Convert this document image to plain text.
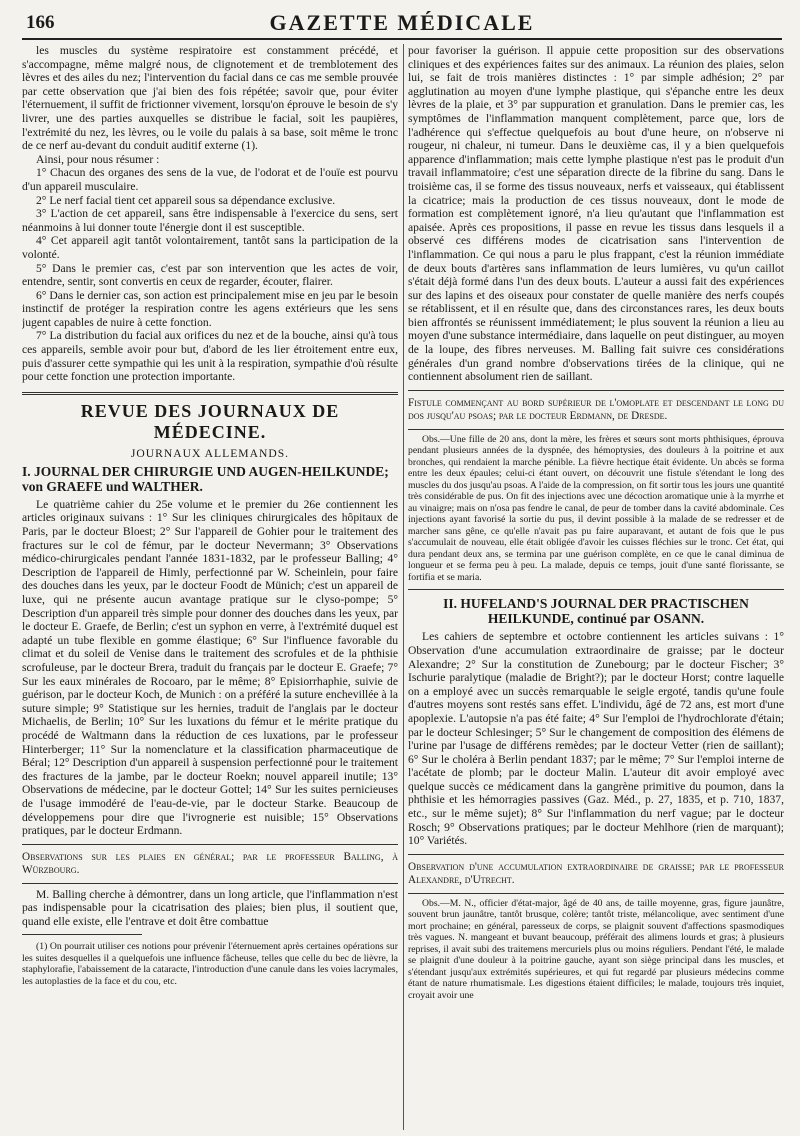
166	GAZETTE MÉDICALE

les muscles du système respiratoire est constamment précédé, et s'accompagne, même malgré nous, de clignotement et de tremblotement des lèvres et des ailes du nez; l'intervention du facial dans ce cas me semble prouvée par cette observation que j'ai bien des fois répétée; savoir que, pour éviter l'éternuement, il suffit de frictionner vivement, lorsqu'on éprouve le besoin de s'y livrer, une des parties auxquelles se distribue le facial, soit les paupières, l'extrémité du nez, les lèvres, ou le voile du palais à sa base, soit même le tronc de ce nerf au-devant du conduit auditif externe (1).

Ainsi, pour nous résumer :

1° Chacun des organes des sens de la vue, de l'odorat et de l'ouïe est pourvu d'un appareil musculaire.

2° Le nerf facial tient cet appareil sous sa dépendance exclusive.

3° L'action de cet appareil, sans être indispensable à l'exercice du sens, sert néanmoins à lui donner toute l'énergie dont il est susceptible.

4° Cet appareil agit tantôt volontairement, tantôt sans la participation de la volonté.

5° Dans le premier cas, c'est par son intervention que les actes de voir, entendre, sentir, sont convertis en ceux de regarder, écouter, flairer.

6° Dans le dernier cas, son action est principalement mise en jeu par le besoin instinctif de protéger la respiration contre les agens extérieurs que les sens jugent capables de nuire à cette fonction.

7° La distribution du facial aux orifices du nez et de la bouche, ainsi qu'à tous ces appareils, semble avoir pour but, d'abord de les lier étroitement entre eux, puis d'assurer cette sympathie qui les unit à la respiration, sympathie d'où résulte pour cette fonction une protection importante.

REVUE DES JOURNAUX DE MÉDECINE.
JOURNAUX ALLEMANDS.
I. JOURNAL DER CHIRURGIE UND AUGEN-HEILKUNDE; von GRAEFE und WALTHER.

Le quatrième cahier du 25e volume et le premier du 26e contiennent les articles originaux suivans : 1° Sur les cliniques chirurgicales des hôpitaux de Paris, par le docteur Bloest; 2° Sur l'appareil de Gohier pour le traitement des fractures sur le col de fémur, par le docteur Nevermann; 3° Observations médico-chirurgicales pendant l'année 1831-1832, par le professeur Balling; 4° Description de l'appareil de Himly, perfectionné par W. Scheinlein, pour faire des douches dans les yeux, par le docteur Foodt de Münich; c'est un appareil de luxe, qui ne présente aucun avantage pratique sur le clyso-pompe; 5° Description d'un appareil très simple pour donner des douches dans les yeux, par le docteur E. Graefe, de Berlin; c'est un syphon en verre, à l'extrémité duquel est adapté un tube flexible en gomme élastique; 6° Sur l'influence favorable du climat et du soleil de Venise dans le traitement des scrofules et de la phthisie scrofuleuse, par le docteur Brera, traduit du français par le docteur E. Graefe; 7° Sur les eaux minérales de Rocoaro, par le même; 8° Episiorrhaphie, suivie de guérison, par le docteur Koch, de Munich : on a préféré la suture enchevillée à la suture simple; 9° Statistique sur les hernies, traduit de l'anglais par le docteur Michaelis, de Berlin; 10° Sur les luxations du fémur et le mérite pratique du procédé de Waltmann dans la réduction de ces luxations, par le professeur Hinterberger; 11° Sur la nomenclature et la classification pharmaceutique de Béral; 12° Description d'un appareil à suspension perfectionné pour le traitement des fractures de la jambe, par le docteur Roekn; nouvel appareil inutile; 13° Observations de médecine, par le docteur Gottel; 14° Sur les suites pernicieuses de l'usage immodéré de l'eau-de-vie, par le docteur Starke. Beaucoup de développemens pour dire que l'ivrognerie est nuisible; 15° Observations pratiques, par le docteur Erdmann.

Observations sur les plaies en général; par le professeur Balling, à Würzbourg.

M. Balling cherche à démontrer, dans un long article, que l'inflammation n'est pas indispensable pour la cicatrisation des plaies; bien plus, il soutient que, quand elle existe, elle l'entrave et doit être combattue

(1) On pourrait utiliser ces notions pour prévenir l'éternuement après certaines opérations sur les suites desquelles il a quelquefois une influence fâcheuse, telles que celle du bec de lièvre, la staphylorafie, l'abaissement de la cataracte, l'introduction d'une canule dans les voies lacrymales, les autoplasties de la face et du cou, etc.

pour favoriser la guérison. Il appuie cette proposition sur des observations cliniques et des expériences faites sur des animaux. La réunion des plaies, selon lui, se fait de trois manières distinctes : 1° par simple adhésion; 2° par agglutination au moyen d'une lymphe plastique, qui s'épanche entre les deux lèvres de la plaie, et 3° par suppuration et granulation. Dans le premier cas, les symptômes de l'inflammation manquent complètement, parce que, lors de l'adhérence qui s'effectue quelquefois au bout d'une heure, on n'observe ni rougeur, ni chaleur, ni tumeur. Dans le deuxième cas, il y a bien quelquefois apparence d'inflammation; mais cette lymphe plastique n'est pas le produit d'un travail inflammatoire; c'est une séparation directe de la fibrine du sang. Dans le troisième cas, il se forme des tissus nouveaux, nerfs et vaisseaux, qui établissent la cicatrice; mais la production de ces tissus nouveaux, dont le mode de formation est complètement ignoré, n'a lieu qu'autant que l'inflammation est apaisée. Après ces propositions, il passe en revue les tissus dans lesquels il a observé ces différens modes de cicatrisation sans l'intervention de l'inflammation. Ce qui nous a paru le plus frappant, c'est la réunion immédiate de deux bouts d'artères sans inflammation de leurs lumières, vu qu'un caillot s'était déjà formé dans l'un des deux bouts. L'auteur a aussi fait des expériences sur des lapins et des oiseaux pour constater de quelle manière des nerfs coupés se rétablissent, et il en résulte que, dans des circonstances rares, les deux bouts bien affrontés se réunissent immédiatement; le plus souvent la réunion a lieu au moyen d'une substance intermédiaire, dans laquelle on peut distinguer, au moyen de la loupe, des fibres nerveuses. M. Balling fait suivre ces considérations générales d'un grand nombre d'observations tirées de la clinique, qui ne contiennent absolument rien de saillant.

Fistule commençant au bord supérieur de l'omoplate et descendant le long du dos jusqu'au psoas; par le docteur Erdmann, de Dresde.

Obs.—Une fille de 20 ans, dont la mère, les frères et sœurs sont morts phthisiques, éprouva pendant plusieurs années de la dyspnée, des hémoptysies, des douleurs à la poitrine et aux bronches, qui rendaient la marche pénible. La fièvre hectique était évidente. Un abcès se forma entre les deux épaules; celui-ci étant ouvert, on découvrit une fistule s'étendant le long des muscles du dos jusqu'au psoas. A l'aide de la compression, on fit sortir tous les jours une quantité très considérable de pus. On fit des injections avec une décoction aromatique unie à la myrrhe et au vinaigre; mais on n'osa pas fendre le canal, de peur de tomber dans la cavité abdominale. Ces injections ayant favorisé la sortie du pus, il devint possible à la malade de se redresser et de marcher sans gêne, ce qu'elle n'avait pas pu faire auparavant, et autant de fois que le pus s'accumulait de nouveau, elle était obligée d'avoir les cuisses fléchies sur le tronc. Cet état, qui dura pendant deux ans, se termina par une guérison complète, en ce que le canal diminua de longueur et se ferma peu à peu. La malade, depuis ce temps, jouit d'une santé florissante, se fortifia et se maria.

II. HUFELAND'S JOURNAL DER PRACTISCHEN HEILKUNDE, continué par OSANN.

Les cahiers de septembre et octobre contiennent les articles suivans : 1° Observation d'une accumulation extraordinaire de graisse; par le docteur Alexandre; 2° Sur la constitution de Zunebourg; par le docteur Fischer; 3° Ischurie paralytique (maladie de Bright?); par le docteur Horst; contre laquelle on a employé avec un succès remarquable le seigle ergoté, tandis qu'une foule d'autres moyens sont restés sans effet. L'individu, âgé de 72 ans, est mort d'une apoplexie. L'autopsie n'a pas été faite; 4° Sur l'emploi de l'hydrochlorate d'étain; par le docteur Schlesinger; 5° Sur le changement de composition des élémens de l'urine par l'usage de différens remèdes; par le docteur Vetter (rien de saillant); 6° Sur le choléra à Berlin pendant 1837; par le même; 7° Sur l'emploi interne de l'acétate de plomb; par le docteur Malin. L'auteur dit avoir employé avec quelque succès ce médicament dans la gangrène primitive du poumon, dans la phthisie et les hémorragies passives (Gaz. Méd., p. 27, 1835, et p. 710, 1837, etc., sur le même sujet); 8° Sur l'inflammation du nerf vague; par le docteur Rosch; 9° Observations pratiques; par le docteur Mehlhore (rien de marquant); 10° Variétés.

Observation d'une accumulation extraordinaire de graisse; par le professeur Alexandre, d'Utrecht.

Obs.—M. N., officier d'état-major, âgé de 40 ans, de taille moyenne, gras, figure jaunâtre, souvent brun jaunâtre, tantôt brusque, colère; tantôt triste, mélancolique, avec sentiment d'une mort prochaine; en général, paresseux de corps, se plaignit souvent d'affections spasmodiques très vagues. N. mangeant et buvant beaucoup, préférait des alimens lourds et gras; à plusieurs reprises, il avait subi des traitemens mercuriels plus ou moins réguliers. Pendant l'été, le malade se plaignit d'une douleur à la poitrine gauche, ayant son siège principal dans les muscles, et s'étendant jusqu'aux extrémités supérieures, et qui fut regardé par plusieurs médecins comme étant de nature rhumatismale. Les digestions étaient difficiles; le malade, toujours très inquiet, croyait avoir une
